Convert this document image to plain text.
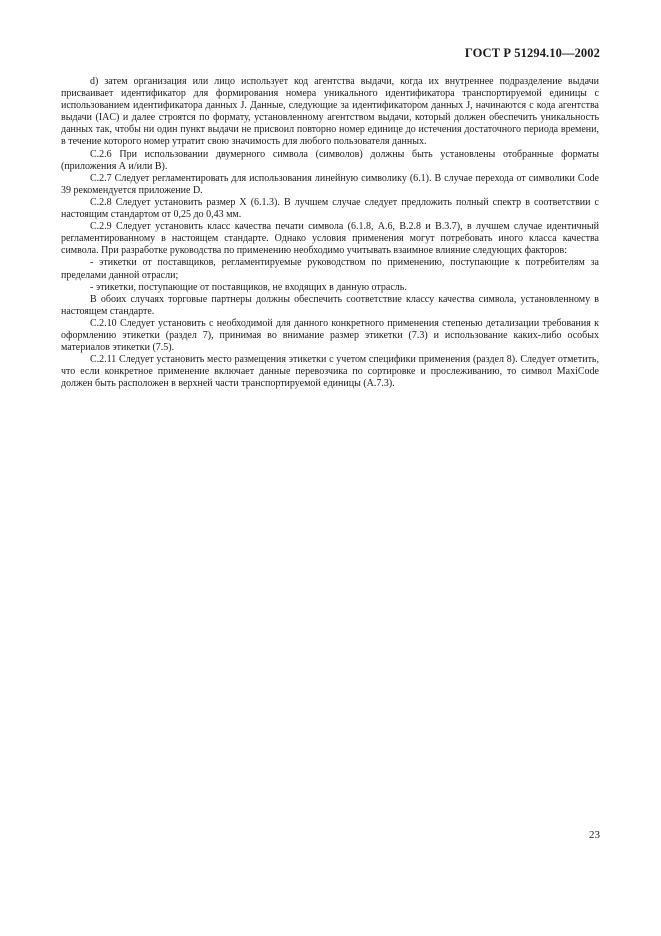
ГОСТ Р 51294.10—2002

d) затем организация или лицо использует код агентства выдачи, когда их внутреннее подразделение выдачи присваивает идентификатор для формирования номера уникального идентификатора транспортируемой единицы с использованием идентификатора данных J. Данные, следующие за идентификатором данных J, начинаются с кода агентства выдачи (IAC) и далее строятся по формату, установленному агентством выдачи, который должен обеспечить уникальность данных так, чтобы ни один пункт выдачи не присвоил повторно номер единице до истечения достаточного периода времени, в течение которого номер утратит свою значимость для любого пользователя данных.

С.2.6 При использовании двумерного символа (символов) должны быть установлены отобранные форматы (приложения А и/или В).

С.2.7 Следует регламентировать для использования линейную символику (6.1). В случае перехода от символики Code 39 рекомендуется приложение D.

С.2.8 Следует установить размер X (6.1.3). В лучшем случае следует предложить полный спектр в соответствии с настоящим стандартом от 0,25 до 0,43 мм.

С.2.9 Следует установить класс качества печати символа (6.1.8, А.6, В.2.8 и В.3.7), в лучшем случае идентичный регламентированному в настоящем стандарте. Однако условия применения могут потребовать иного класса качества символа. При разработке руководства по применению необходимо учитывать взаимное влияние следующих факторов:

- этикетки от поставщиков, регламентируемые руководством по применению, поступающие к потребителям за пределами данной отрасли;

- этикетки, поступающие от поставщиков, не входящих в данную отрасль.

В обоих случаях торговые партнеры должны обеспечить соответствие классу качества символа, установленному в настоящем стандарте.

С.2.10 Следует установить с необходимой для данного конкретного применения степенью детализации требования к оформлению этикетки (раздел 7), принимая во внимание размер этикетки (7.3) и использование каких-либо особых материалов этикетки (7.5).

С.2.11 Следует установить место размещения этикетки с учетом специфики применения (раздел 8). Следует отметить, что если конкретное применение включает данные перевозчика по сортировке и прослеживанию, то символ MaxiCode должен быть расположен в верхней части транспортируемой единицы (А.7.3).

23
